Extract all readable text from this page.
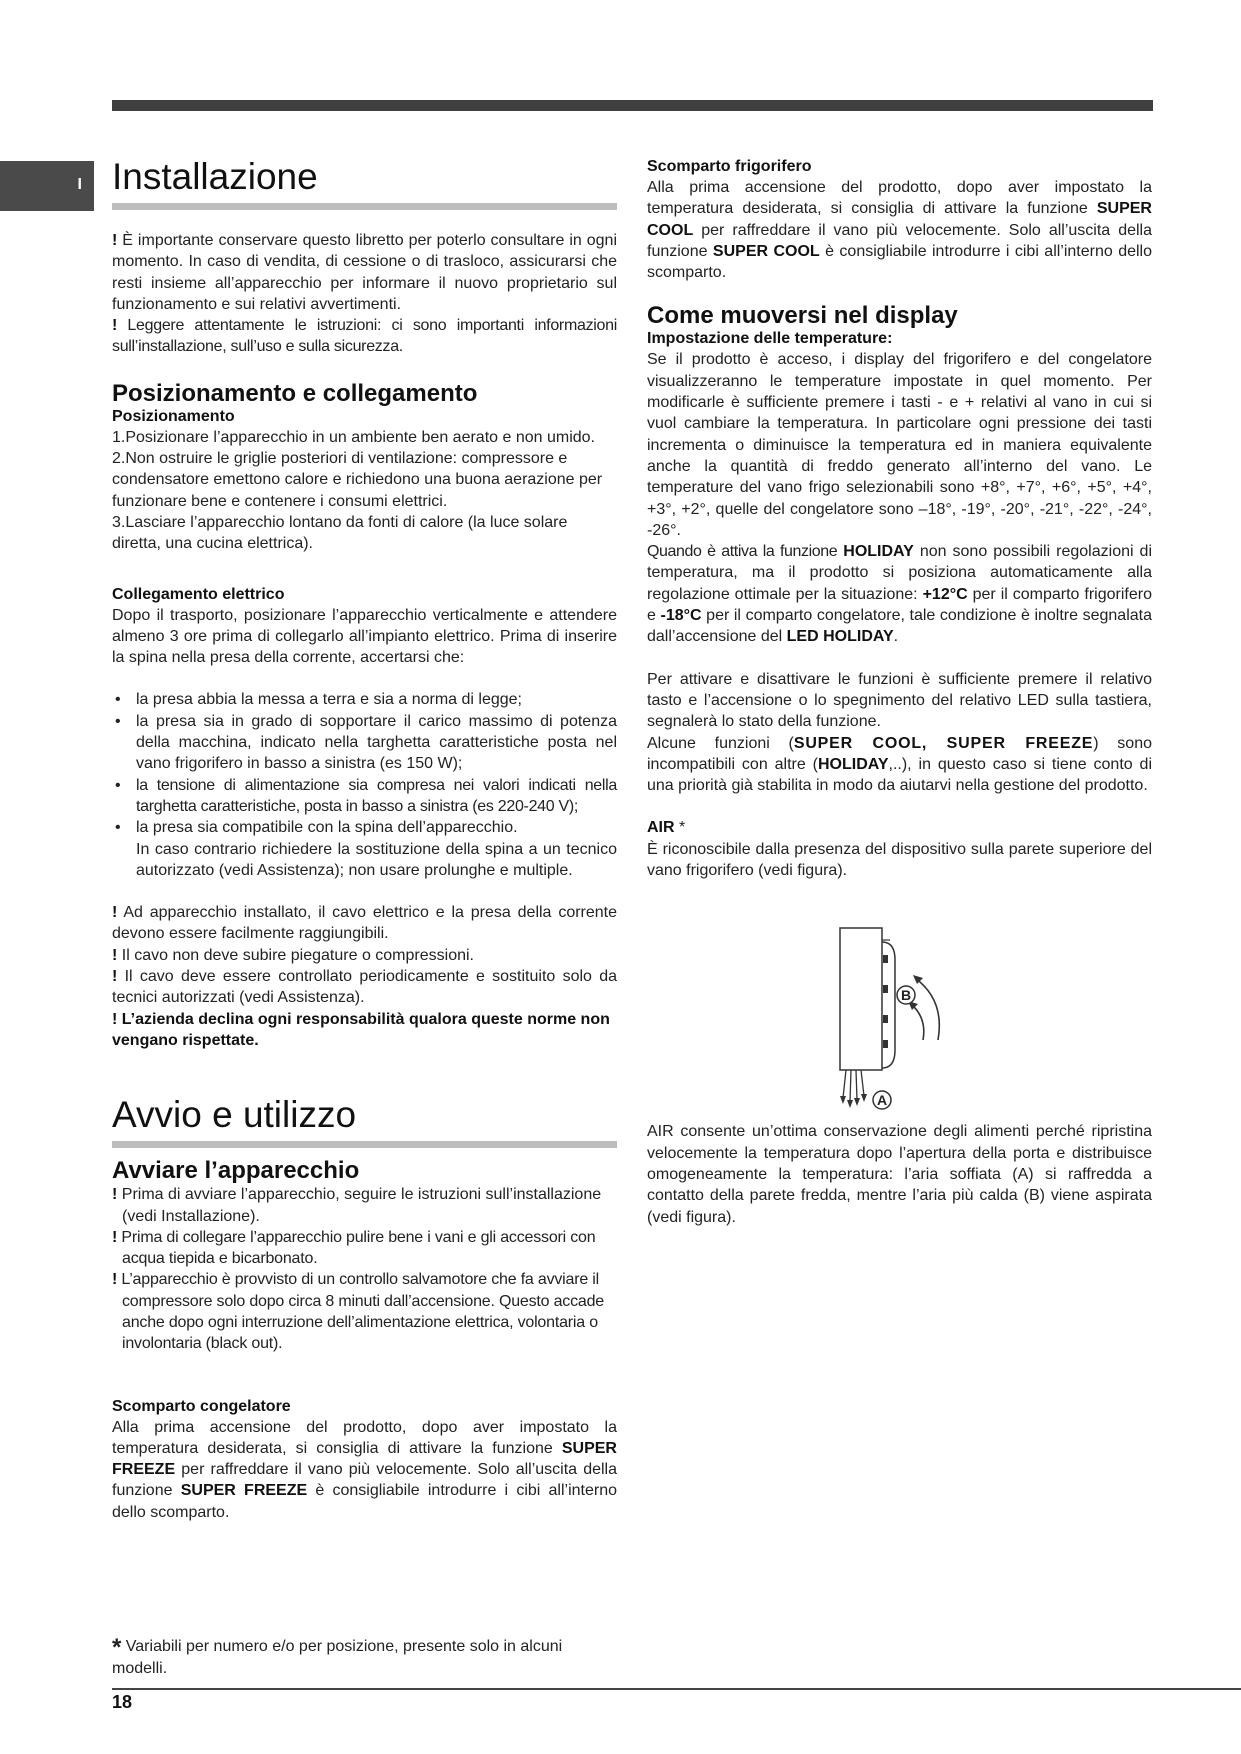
I Installazione

! È importante conservare questo libretto per poterlo consultare in ogni momento. In caso di vendita, di cessione o di trasloco, assicurarsi che resti insieme all’apparecchio per informare il nuovo proprietario sul funzionamento e sui relativi avvertimenti.

! Leggere attentamente le istruzioni: ci sono importanti informazioni sull’installazione, sull’uso e sulla sicurezza.

Posizionamento e collegamento
Posizionamento

1.Posizionare l’apparecchio in un ambiente ben aerato e non umido.

2.Non ostruire le griglie posteriori di ventilazione: compressore e condensatore emettono calore e richiedono una buona aerazione per funzionare bene e contenere i consumi elettrici.

3.Lasciare l’apparecchio lontano da fonti di calore (la luce solare diretta, una cucina elettrica).

Collegamento elettrico

Dopo il trasporto, posizionare l’apparecchio verticalmente e attendere almeno 3 ore prima di collegarlo all’impianto elettrico. Prima di inserire la spina nella presa della corrente, accertarsi che:

• la presa abbia la messa a terra e sia a norma di legge;
• la presa sia in grado di sopportare il carico massimo di potenza della macchina, indicato nella targhetta caratteristiche posta nel vano frigorifero in basso a sinistra (es 150 W);
• la tensione di alimentazione sia compresa nei valori indicati nella targhetta caratteristiche, posta in basso a sinistra (es 220-240 V);
• la presa sia compatibile con la spina dell’apparecchio.
In caso contrario richiedere la sostituzione della spina a un tecnico autorizzato (vedi Assistenza); non usare prolunghe e multiple.

! Ad apparecchio installato, il cavo elettrico e la presa della corrente devono essere facilmente raggiungibili.

! Il cavo non deve subire piegature o compressioni.

! Il cavo deve essere controllato periodicamente e sostituito solo da tecnici autorizzati (vedi Assistenza).

! L’azienda declina ogni responsabilità qualora queste norme non vengano rispettate.

Avvio e utilizzo
Avviare l’apparecchio

! Prima di avviare l’apparecchio, seguire le istruzioni sull’installazione (vedi Installazione).

! Prima di collegare l’apparecchio pulire bene i vani e gli accessori con acqua tiepida e bicarbonato.

! L’apparecchio è provvisto di un controllo salvamotore che fa avviare il compressore solo dopo circa 8 minuti dall’accensione. Questo accade anche dopo ogni interruzione dell’alimentazione elettrica, volontaria o involontaria (black out).

Scomparto congelatore

Alla prima accensione del prodotto, dopo aver impostato la temperatura desiderata, si consiglia di attivare la funzione SUPER FREEZE per raffreddare il vano più velocemente. Solo all’uscita della funzione SUPER FREEZE è consigliabile introdurre i cibi all’interno dello scomparto.

* Variabili per numero e/o per posizione, presente solo in alcuni modelli.
Scomparto frigorifero

Alla prima accensione del prodotto, dopo aver impostato la temperatura desiderata, si consiglia di attivare la funzione SUPER COOL per raffreddare il vano più velocemente. Solo all’uscita della funzione SUPER COOL è consigliabile introdurre i cibi all’interno dello scomparto.

Come muoversi nel display
Impostazione delle temperature:

Se il prodotto è acceso, i display del frigorifero e del congelatore visualizzeranno le temperature impostate in quel momento. Per modificarle è sufficiente premere i tasti - e + relativi al vano in cui si vuol cambiare la temperatura. In particolare ogni pressione dei tasti incrementa o diminuisce la temperatura ed in maniera equivalente anche la quantità di freddo generato all’interno del vano. Le temperature del vano frigo selezionabili sono +8°, +7°, +6°, +5°, +4°, +3°, +2°, quelle del congelatore sono –18°, -19°, -20°, -21°, -22°, -24°, -26°.

Quando è attiva la funzione HOLIDAY non sono possibili regolazioni di temperatura, ma il prodotto si posiziona automaticamente alla regolazione ottimale per la situazione: +12°C per il comparto frigorifero e -18°C per il comparto congelatore, tale condizione è inoltre segnalata dall’accensione del LED HOLIDAY.

Per attivare e disattivare le funzioni è sufficiente premere il relativo tasto e l’accensione o lo spegnimento del relativo LED sulla tastiera, segnalerà lo stato della funzione.

Alcune funzioni (SUPER COOL, SUPER FREEZE) sono incompatibili con altre (HOLIDAY,..), in questo caso si tiene conto di una priorità già stabilita in modo da aiutarvi nella gestione del prodotto.

AIR *

È riconoscibile dalla presenza del dispositivo sulla parete superiore del vano frigorifero (vedi figura).

AIR consente un’ottima conservazione degli alimenti perché ripristina velocemente la temperatura dopo l’apertura della porta e distribuisce omogeneamente la temperatura: l’aria soffiata (A) si raffredda a contatto della parete fredda, mentre l’aria più calda (B) viene aspirata (vedi figura).

B
A
18
